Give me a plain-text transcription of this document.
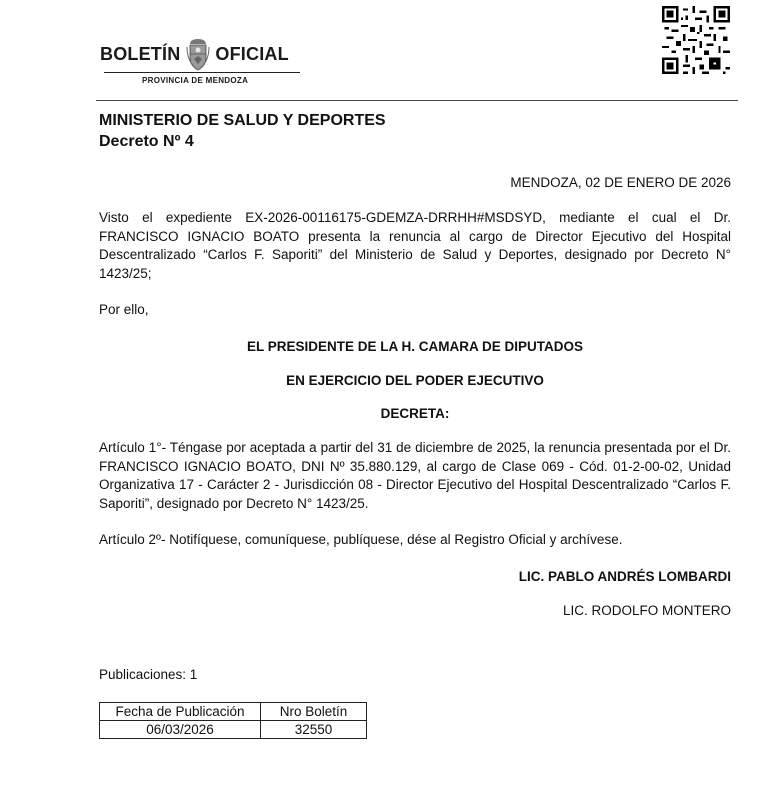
BOLETÍN OFICIAL
PROVINCIA DE MENDOZA
MINISTERIO DE SALUD Y DEPORTES
Decreto Nº 4
MENDOZA, 02 DE ENERO DE 2026

Visto el expediente EX-2026-00116175-GDEMZA-DRRHH#MSDSYD, mediante el cual el Dr. FRANCISCO IGNACIO BOATO presenta la renuncia al cargo de Director Ejecutivo del Hospital Descentralizado “Carlos F. Saporiti” del Ministerio de Salud y Deportes, designado por Decreto N° 1423/25;

Por ello,

EL PRESIDENTE DE LA H. CAMARA DE DIPUTADOS
EN EJERCICIO DEL PODER EJECUTIVO
DECRETA:

Artículo 1°- Téngase por aceptada a partir del 31 de diciembre de 2025, la renuncia presentada por el Dr. FRANCISCO IGNACIO BOATO, DNI Nº 35.880.129, al cargo de Clase 069 - Cód. 01-2-00-02, Unidad Organizativa 17 - Carácter 2 - Jurisdicción 08 - Director Ejecutivo del Hospital Descentralizado “Carlos F. Saporiti”, designado por Decreto N° 1423/25.

Artículo 2º- Notifíquese, comuníquese, publíquese, dése al Registro Oficial y archívese.

LIC. PABLO ANDRÉS LOMBARDI
LIC. RODOLFO MONTERO
Publicaciones: 1
Fecha de Publicación	Nro Boletín
06/03/2026	32550
